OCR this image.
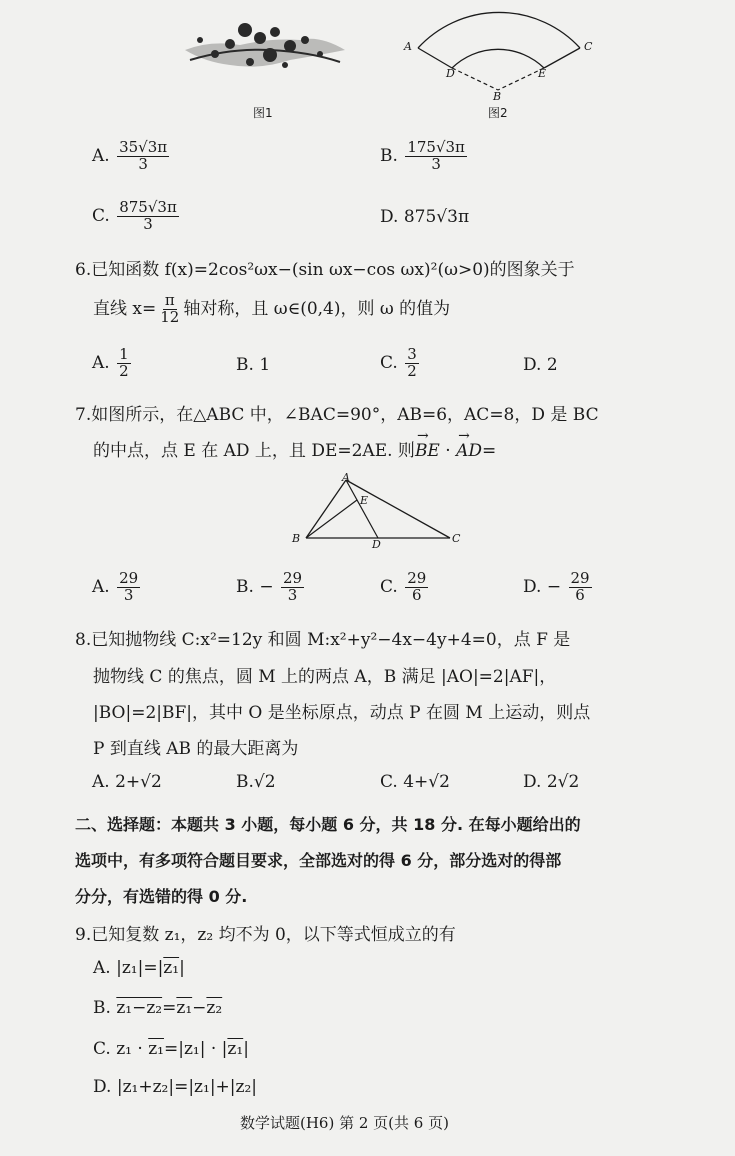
图1
A	C
D	E
B
图2
A. $\frac{35√3\pi}{3}$	B. $\frac{175√3\pi}{3}$
C. $\frac{875√3\pi}{3}$	D. 875√3π
6.已知函数 f(x)=2cos²ωx−(sin ωx−cos ωx)²(ω>0)的图象关于
直线 $x= \frac{\pi}{12}$ 轴对称，且 ω∈(0,4)，则 ω 的值为
A. $\frac{1}{2}$	B. 1	C. $\frac{3}{2}$	D. 2
7.如图所示，在△ABC 中，∠BAC=90°，AB=6，AC=8，D 是 BC
的中点，点 E 在 AD 上，且 DE=2AE. 则→ BE · → AD=
A
E
B	D	C
A. $\frac{29}{3}$	B. − $\frac{29}{3}$	C. $\frac{29}{6}$	D. − $\frac{29}{6}$
8.已知抛物线 C:x²=12y 和圆 M:x²+y²−4x−4y+4=0，点 F 是
抛物线 C 的焦点，圆 M 上的两点 A，B 满足 |AO|=2|AF|，
|BO|=2|BF|，其中 O 是坐标原点，动点 P 在圆 M 上运动，则点
P 到直线 AB 的最大距离为
A. 2+√2	B.√2	C. 4+√2	D. 2√2
二、选择题：本题共 3 小题，每小题 6 分，共 18 分. 在每小题给出的
选项中，有多项符合题目要求，全部选对的得 6 分，部分选对的得部
分分，有选错的得 0 分.
9.已知复数 z₁，z₂ 均不为 0，以下等式恒成立的有
A. |z₁|=|z₁|
B. z₁−z₂=z₁−z₂
C. z₁ · z₁=|z₁| · |z₁|
D. |z₁+z₂|=|z₁|+|z₂|
数学试题(H6) 第 2 页(共 6 页)
